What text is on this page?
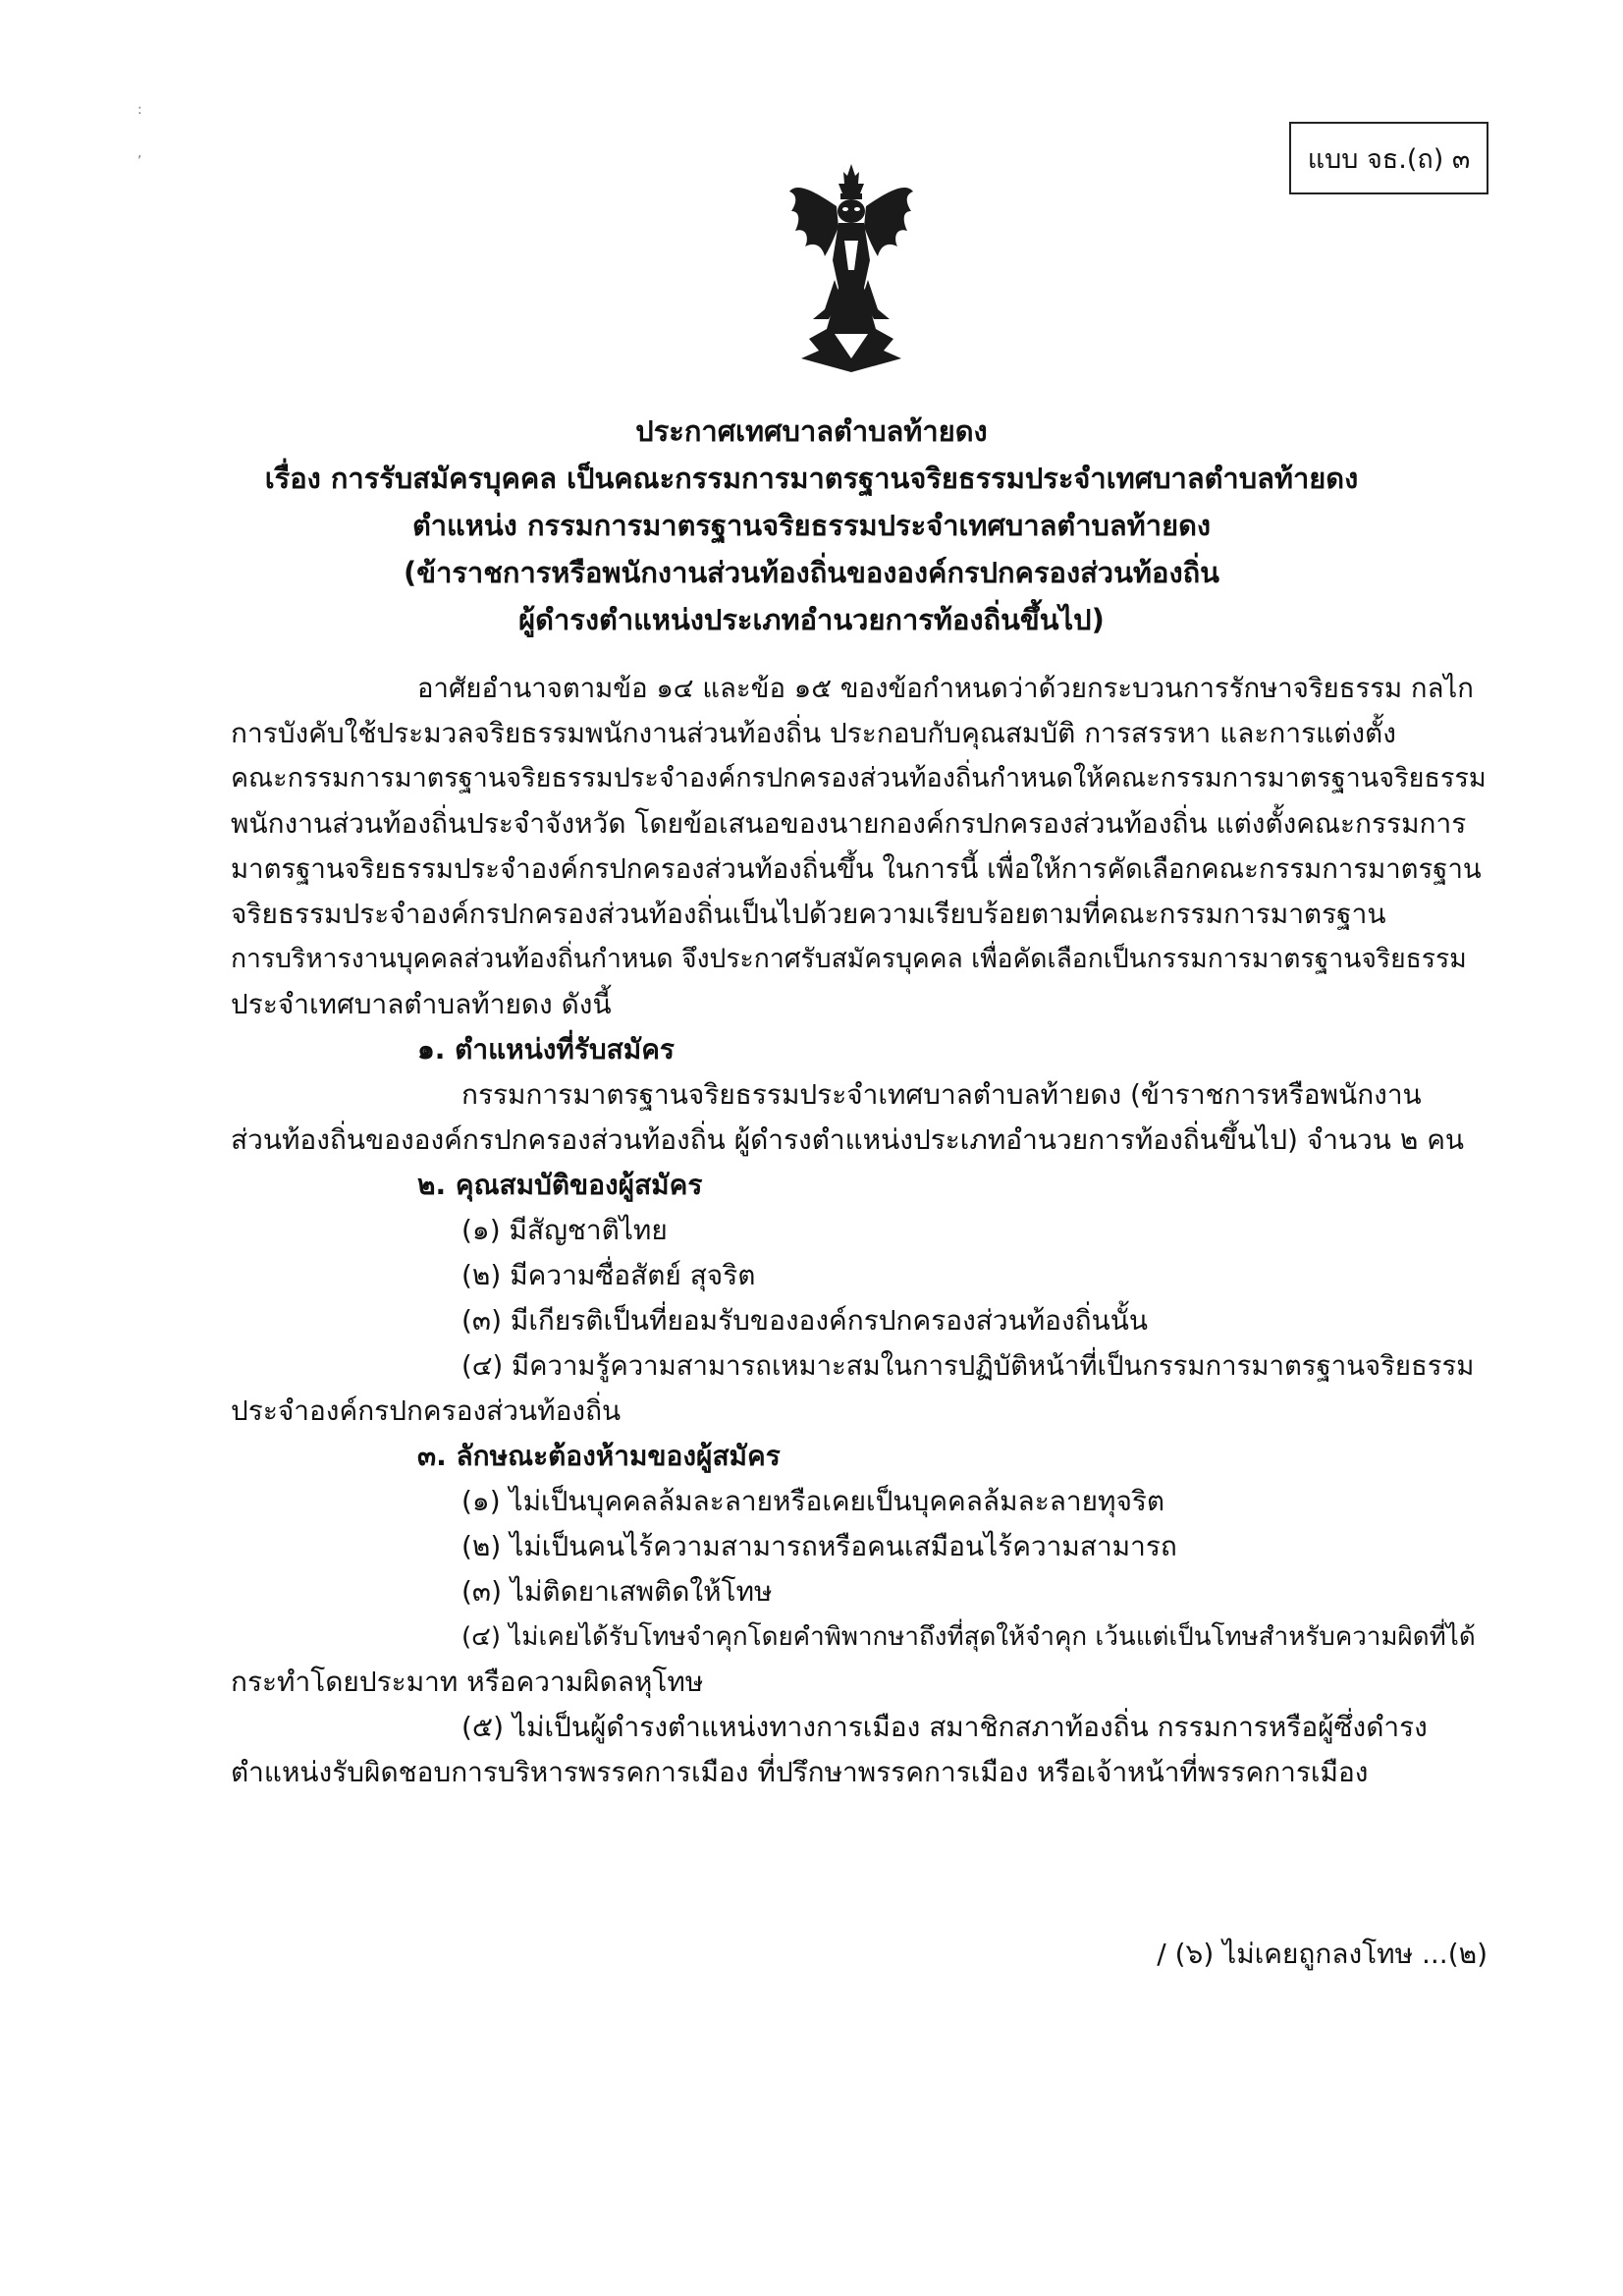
:
,	แบบ จธ.(ถ) ๓
ประกาศเทศบาลตำบลท้ายดง
เรื่อง การรับสมัครบุคคล เป็นคณะกรรมการมาตรฐานจริยธรรมประจำเทศบาลตำบลท้ายดง
ตำแหน่ง กรรมการมาตรฐานจริยธรรมประจำเทศบาลตำบลท้ายดง
(ข้าราชการหรือพนักงานส่วนท้องถิ่นขององค์กรปกครองส่วนท้องถิ่น
ผู้ดำรงตำแหน่งประเภทอำนวยการท้องถิ่นขึ้นไป)
อาศัยอำนาจตามข้อ ๑๔ และข้อ ๑๕ ของข้อกำหนดว่าด้วยกระบวนการรักษาจริยธรรม กลไก
การบังคับใช้ประมวลจริยธรรมพนักงานส่วนท้องถิ่น ประกอบกับคุณสมบัติ การสรรหา และการแต่งตั้ง
คณะกรรมการมาตรฐานจริยธรรมประจำองค์กรปกครองส่วนท้องถิ่นกำหนดให้คณะกรรมการมาตรฐานจริยธรรม
พนักงานส่วนท้องถิ่นประจำจังหวัด โดยข้อเสนอของนายกองค์กรปกครองส่วนท้องถิ่น แต่งตั้งคณะกรรมการ
มาตรฐานจริยธรรมประจำองค์กรปกครองส่วนท้องถิ่นขึ้น ในการนี้ เพื่อให้การคัดเลือกคณะกรรมการมาตรฐาน
จริยธรรมประจำองค์กรปกครองส่วนท้องถิ่นเป็นไปด้วยความเรียบร้อยตามที่คณะกรรมการมาตรฐาน
การบริหารงานบุคคลส่วนท้องถิ่นกำหนด จึงประกาศรับสมัครบุคคล เพื่อคัดเลือกเป็นกรรมการมาตรฐานจริยธรรม
ประจำเทศบาลตำบลท้ายดง ดังนี้
๑. ตำแหน่งที่รับสมัคร
กรรมการมาตรฐานจริยธรรมประจำเทศบาลตำบลท้ายดง (ข้าราชการหรือพนักงาน
ส่วนท้องถิ่นขององค์กรปกครองส่วนท้องถิ่น ผู้ดำรงตำแหน่งประเภทอำนวยการท้องถิ่นขึ้นไป) จำนวน ๒ คน
๒. คุณสมบัติของผู้สมัคร
(๑) มีสัญชาติไทย
(๒) มีความซื่อสัตย์ สุจริต
(๓) มีเกียรติเป็นที่ยอมรับขององค์กรปกครองส่วนท้องถิ่นนั้น
(๔) มีความรู้ความสามารถเหมาะสมในการปฏิบัติหน้าที่เป็นกรรมการมาตรฐานจริยธรรม
ประจำองค์กรปกครองส่วนท้องถิ่น
๓. ลักษณะต้องห้ามของผู้สมัคร
(๑) ไม่เป็นบุคคลล้มละลายหรือเคยเป็นบุคคลล้มละลายทุจริต
(๒) ไม่เป็นคนไร้ความสามารถหรือคนเสมือนไร้ความสามารถ
(๓) ไม่ติดยาเสพติดให้โทษ
(๔) ไม่เคยได้รับโทษจำคุกโดยคำพิพากษาถึงที่สุดให้จำคุก เว้นแต่เป็นโทษสำหรับความผิดที่ได้
กระทำโดยประมาท หรือความผิดลหุโทษ
(๕) ไม่เป็นผู้ดำรงตำแหน่งทางการเมือง สมาชิกสภาท้องถิ่น กรรมการหรือผู้ซึ่งดำรง
ตำแหน่งรับผิดชอบการบริหารพรรคการเมือง ที่ปรึกษาพรรคการเมือง หรือเจ้าหน้าที่พรรคการเมือง
/ (๖) ไม่เคยถูกลงโทษ ...(๒)
